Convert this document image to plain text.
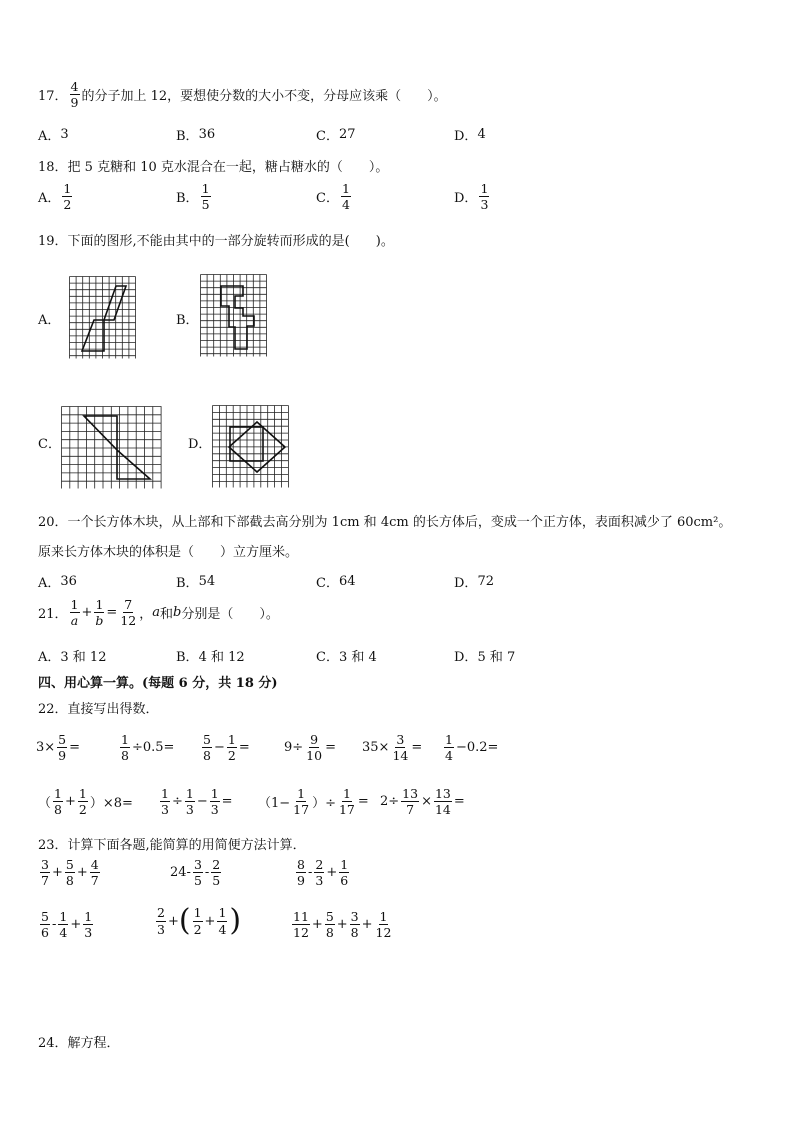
17． $\frac{4}{9}$ 的分子加上 12，要想使分数的大小不变，分母应该乘（　　）。
A． 3	B． 36	C． 27	D． 4
18．把 5 克糖和 10 克水混合在一起，糖占糖水的（　　）。
A． $\frac{1}{2}$	B． $\frac{1}{5}$	C． $\frac{1}{4}$	D． $\frac{1}{3}$
19．下面的图形,不能由其中的一部分旋转而形成的是(　　)。
A．	B．
C．	D．
20．一个长方体木块，从上部和下部截去高分别为 1cm 和 4cm 的长方体后，变成一个正方体，表面积减少了 60cm²。
原来长方体木块的体积是（　　）立方厘米。
A． 36	B． 54	C． 64	D． 72
21． $\frac{1}{a} + \frac{1}{b} = \frac{7}{12}$ ， a 和 b 分别是（　　）。
A． 3 和 12	B． 4 和 12	C． 3 和 4	D． 5 和 7
四、用心算一算。(每题 6 分，共 18 分)
22．直接写出得数．
$3\times \frac{5}{9}$ =	$\frac{1}{8} \div 0.5= \frac{5}{8} - \frac{1}{2}$ =	$9\div \frac{9}{10} = 35\times \frac{3}{14} = \frac{1}{4} -0.2=$
（ $\frac{1}{8} + \frac{1}{2} )\times 8= \frac{1}{3} \div \frac{1}{3} - \frac{1}{3} = (1- \frac{1}{17}$ ）÷ $\frac{1}{17} = 2\div \frac{13}{7} \times \frac{13}{14}$ =
23．计算下面各题,能简算的用简便方法计算．
$\frac{3}{7} + \frac{5}{8} + \frac{4}{7}$	$24- \frac{3}{5} - \frac{2}{5}$	$\frac{8}{9} - \frac{2}{3} + \frac{1}{6}$
$\frac{5}{6} - \frac{1}{4} + \frac{1}{3}$	$\frac{2}{3}$ + ( $\frac{1}{2} + \frac{1}{4}$ )	$\frac{11}{12} + \frac{5}{8} + \frac{3}{8} + \frac{1}{12}$
24．解方程．
